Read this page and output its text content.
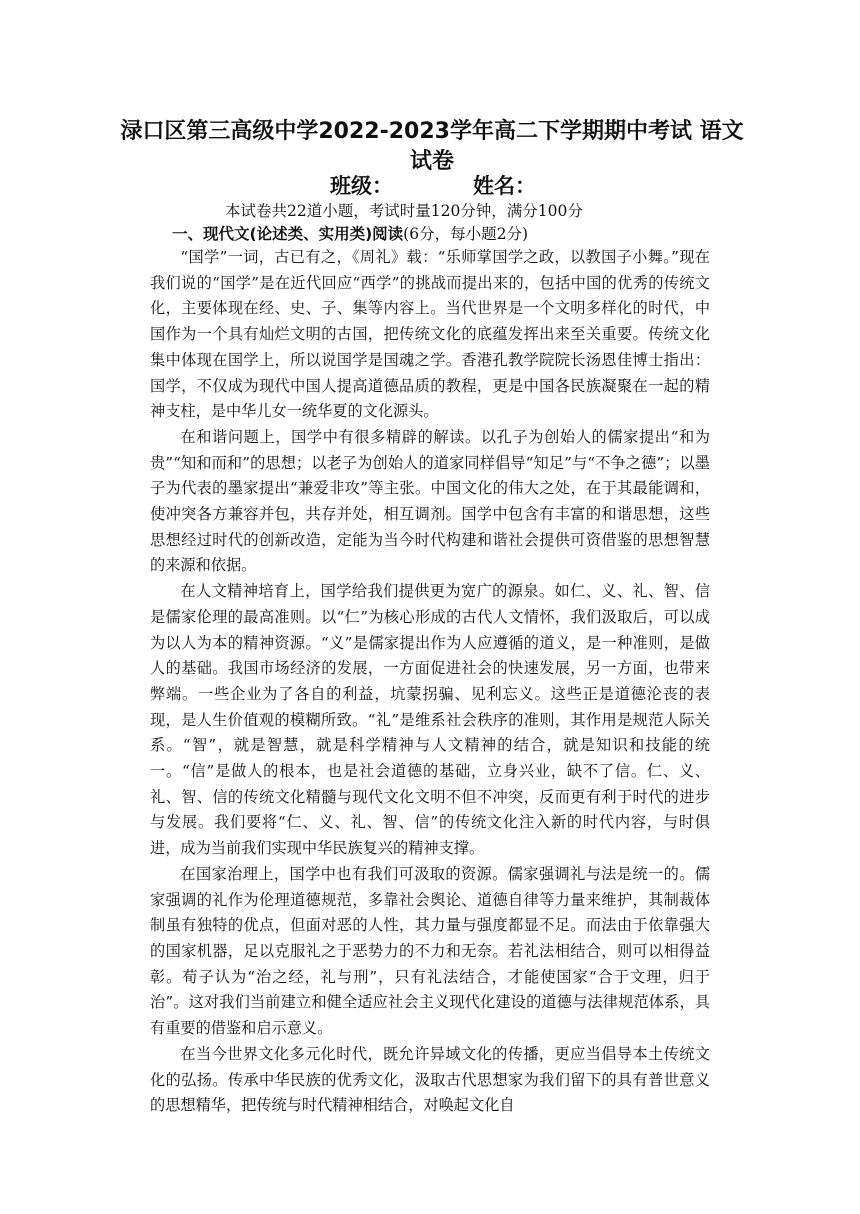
渌口区第三高级中学2022-2023学年高二下学期期中考试 语文试卷
班级：	姓名：
本试卷共22道小题，考试时量120分钟，满分100分
一、现代文(论述类、实用类)阅读(6分，每小题2分)

“国学”一词，古已有之，《周礼》载：“乐师掌国学之政，以教国子小舞。”现在我们说的“国学”是在近代回应“西学”的挑战而提出来的，包括中国的优秀的传统文化，主要体现在经、史、子、集等内容上。当代世界是一个文明多样化的时代，中国作为一个具有灿烂文明的古国，把传统文化的底蕴发挥出来至关重要。传统文化集中体现在国学上，所以说国学是国魂之学。香港孔教学院院长汤恩佳博士指出：国学，不仅成为现代中国人提高道德品质的教程，更是中国各民族凝聚在一起的精神支柱，是中华儿女一统华夏的文化源头。

在和谐问题上，国学中有很多精辟的解读。以孔子为创始人的儒家提出“和为贵”“知和而和”的思想；以老子为创始人的道家同样倡导“知足”与“不争之德”；以墨子为代表的墨家提出“兼爱非攻”等主张。中国文化的伟大之处，在于其最能调和，使冲突各方兼容并包，共存并处，相互调剂。国学中包含有丰富的和谐思想，这些思想经过时代的创新改造，定能为当今时代构建和谐社会提供可资借鉴的思想智慧的来源和依据。

在人文精神培育上，国学给我们提供更为宽广的源泉。如仁、义、礼、智、信是儒家伦理的最高准则。以“仁”为核心形成的古代人文情怀，我们汲取后，可以成为以人为本的精神资源。“义”是儒家提出作为人应遵循的道义，是一种准则，是做人的基础。我国市场经济的发展，一方面促进社会的快速发展，另一方面，也带来弊端。一些企业为了各自的利益，坑蒙拐骗、见利忘义。这些正是道德沦丧的表现，是人生价值观的模糊所致。“礼”是维系社会秩序的准则，其作用是规范人际关系。“智”，就是智慧，就是科学精神与人文精神的结合，就是知识和技能的统一。“信”是做人的根本，也是社会道德的基础，立身兴业，缺不了信。仁、义、礼、智、信的传统文化精髓与现代文化文明不但不冲突，反而更有利于时代的进步与发展。我们要将“仁、义、礼、智、信”的传统文化注入新的时代内容，与时俱进，成为当前我们实现中华民族复兴的精神支撑。

在国家治理上，国学中也有我们可汲取的资源。儒家强调礼与法是统一的。儒家强调的礼作为伦理道德规范，多靠社会舆论、道德自律等力量来维护，其制裁体制虽有独特的优点，但面对恶的人性，其力量与强度都显不足。而法由于依靠强大的国家机器，足以克服礼之于恶势力的不力和无奈。若礼法相结合，则可以相得益彰。荀子认为“治之经，礼与刑”，只有礼法结合，才能使国家“合于文理，归于治”。这对我们当前建立和健全适应社会主义现代化建设的道德与法律规范体系，具有重要的借鉴和启示意义。

在当今世界文化多元化时代，既允许异域文化的传播，更应当倡导本土传统文化的弘扬。传承中华民族的优秀文化，汲取古代思想家为我们留下的具有普世意义的思想精华，把传统与时代精神相结合，对唤起文化自
